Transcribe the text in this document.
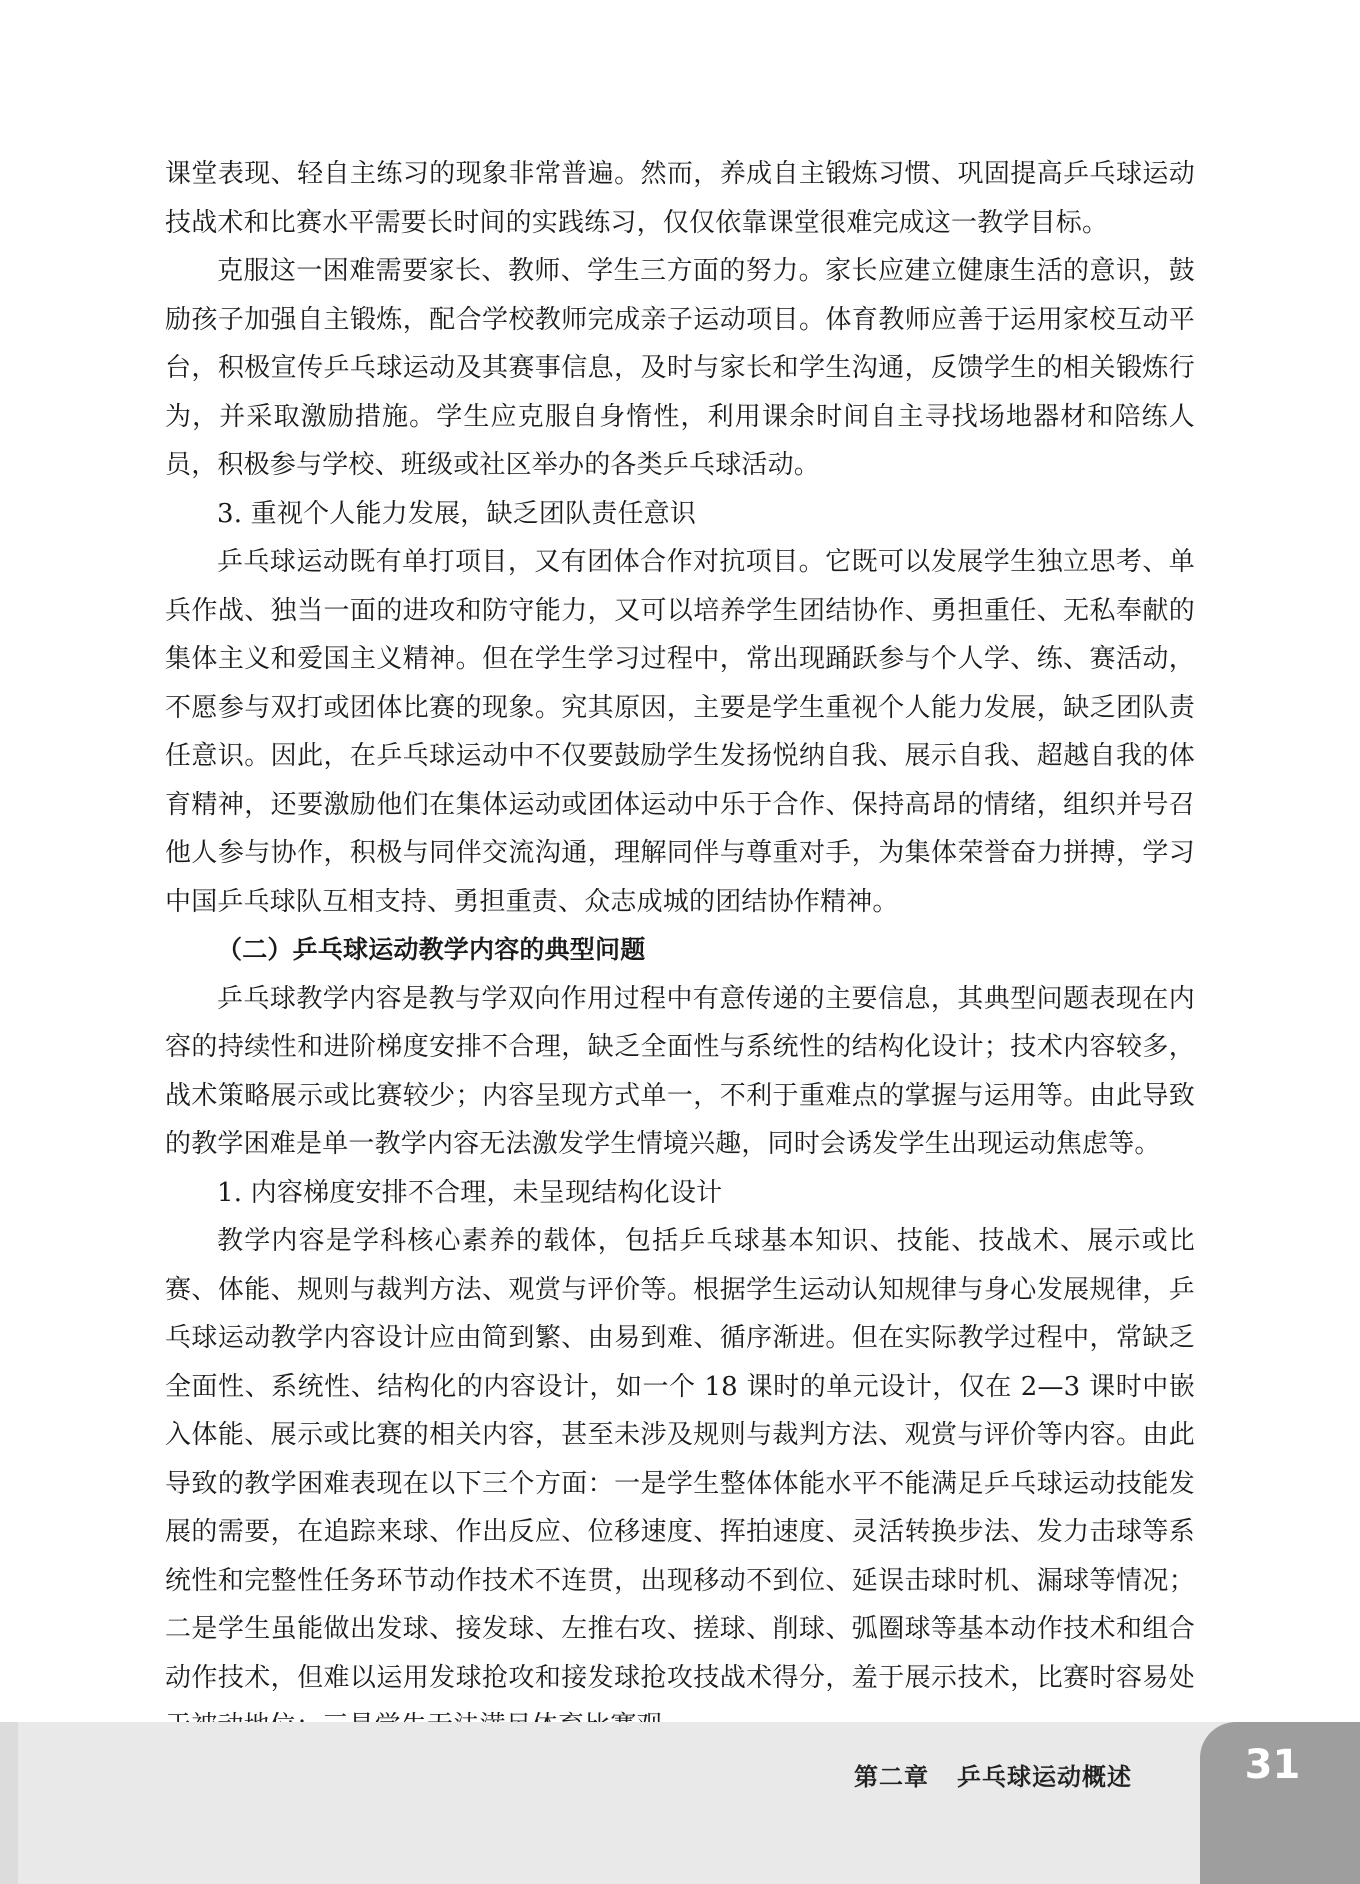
课堂表现、轻自主练习的现象非常普遍。然而，养成自主锻炼习惯、巩固提高乒乓球运动技战术和比赛水平需要长时间的实践练习，仅仅依靠课堂很难完成这一教学目标。

克服这一困难需要家长、教师、学生三方面的努力。家长应建立健康生活的意识，鼓励孩子加强自主锻炼，配合学校教师完成亲子运动项目。体育教师应善于运用家校互动平台，积极宣传乒乓球运动及其赛事信息，及时与家长和学生沟通，反馈学生的相关锻炼行为，并采取激励措施。学生应克服自身惰性，利用课余时间自主寻找场地器材和陪练人员，积极参与学校、班级或社区举办的各类乒乓球活动。

3. 重视个人能力发展，缺乏团队责任意识

乒乓球运动既有单打项目，又有团体合作对抗项目。它既可以发展学生独立思考、单兵作战、独当一面的进攻和防守能力，又可以培养学生团结协作、勇担重任、无私奉献的集体主义和爱国主义精神。但在学生学习过程中，常出现踊跃参与个人学、练、赛活动，不愿参与双打或团体比赛的现象。究其原因，主要是学生重视个人能力发展，缺乏团队责任意识。因此，在乒乓球运动中不仅要鼓励学生发扬悦纳自我、展示自我、超越自我的体育精神，还要激励他们在集体运动或团体运动中乐于合作、保持高昂的情绪，组织并号召他人参与协作，积极与同伴交流沟通，理解同伴与尊重对手，为集体荣誉奋力拼搏，学习中国乒乓球队互相支持、勇担重责、众志成城的团结协作精神。

（二）乒乓球运动教学内容的典型问题

乒乓球教学内容是教与学双向作用过程中有意传递的主要信息，其典型问题表现在内容的持续性和进阶梯度安排不合理，缺乏全面性与系统性的结构化设计；技术内容较多，战术策略展示或比赛较少；内容呈现方式单一，不利于重难点的掌握与运用等。由此导致的教学困难是单一教学内容无法激发学生情境兴趣，同时会诱发学生出现运动焦虑等。

1. 内容梯度安排不合理，未呈现结构化设计

教学内容是学科核心素养的载体，包括乒乓球基本知识、技能、技战术、展示或比赛、体能、规则与裁判方法、观赏与评价等。根据学生运动认知规律与身心发展规律，乒乓球运动教学内容设计应由简到繁、由易到难、循序渐进。但在实际教学过程中，常缺乏全面性、系统性、结构化的内容设计，如一个 18 课时的单元设计，仅在 2—3 课时中嵌入体能、展示或比赛的相关内容，甚至未涉及规则与裁判方法、观赏与评价等内容。由此导致的教学困难表现在以下三个方面：一是学生整体体能水平不能满足乒乓球运动技能发展的需要，在追踪来球、作出反应、位移速度、挥拍速度、灵活转换步法、发力击球等系统性和完整性任务环节动作技术不连贯，出现移动不到位、延误击球时机、漏球等情况；二是学生虽能做出发球、接发球、左推右攻、搓球、削球、弧圈球等基本动作技术和组合动作技术，但难以运用发球抢攻和接发球抢攻技战术得分，羞于展示技术，比赛时容易处

第二章 乒乓球运动概述	31
